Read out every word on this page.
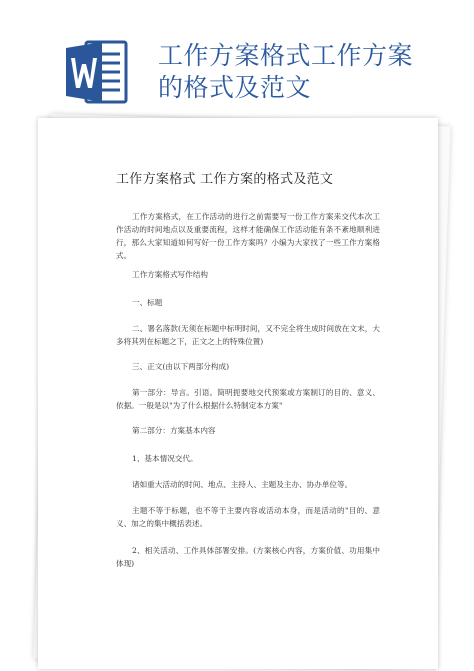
工作方案格式工作方案
的格式及范文
工作方案格式 工作方案的格式及范文
工作方案格式，在工作活动的进行之前需要写一份工作方案来交代本次工作活动的时间地点以及重要流程，这样才能确保工作活动能有条不紊地顺利进行，那么大家知道如何写好一份工作方案吗？小编为大家找了一些工作方案格式。
工作方案格式写作结构
一、标题
二、署名落款(无须在标题中标明时间，又不完全将生成时间放在文末，大多将其列在标题之下，正文之上的特殊位置)
三、正文(由以下两部分构成)
第一部分：导言。引语。简明扼要地交代预案或方案制订的目的、意义、依据。一般是以"为了什么根据什么特制定本方案"
第二部分：方案基本内容
1、基本情况交代。
诸如重大活动的时间、地点、主持人、主题及主办、协办单位等。
主题不等于标题，也不等于主要内容或活动本身，而是活动的"目的、意义、加之的集中概括表述。
2、相关活动、工作具体部署安排。(方案核心内容，方案价值、功用集中体现)
